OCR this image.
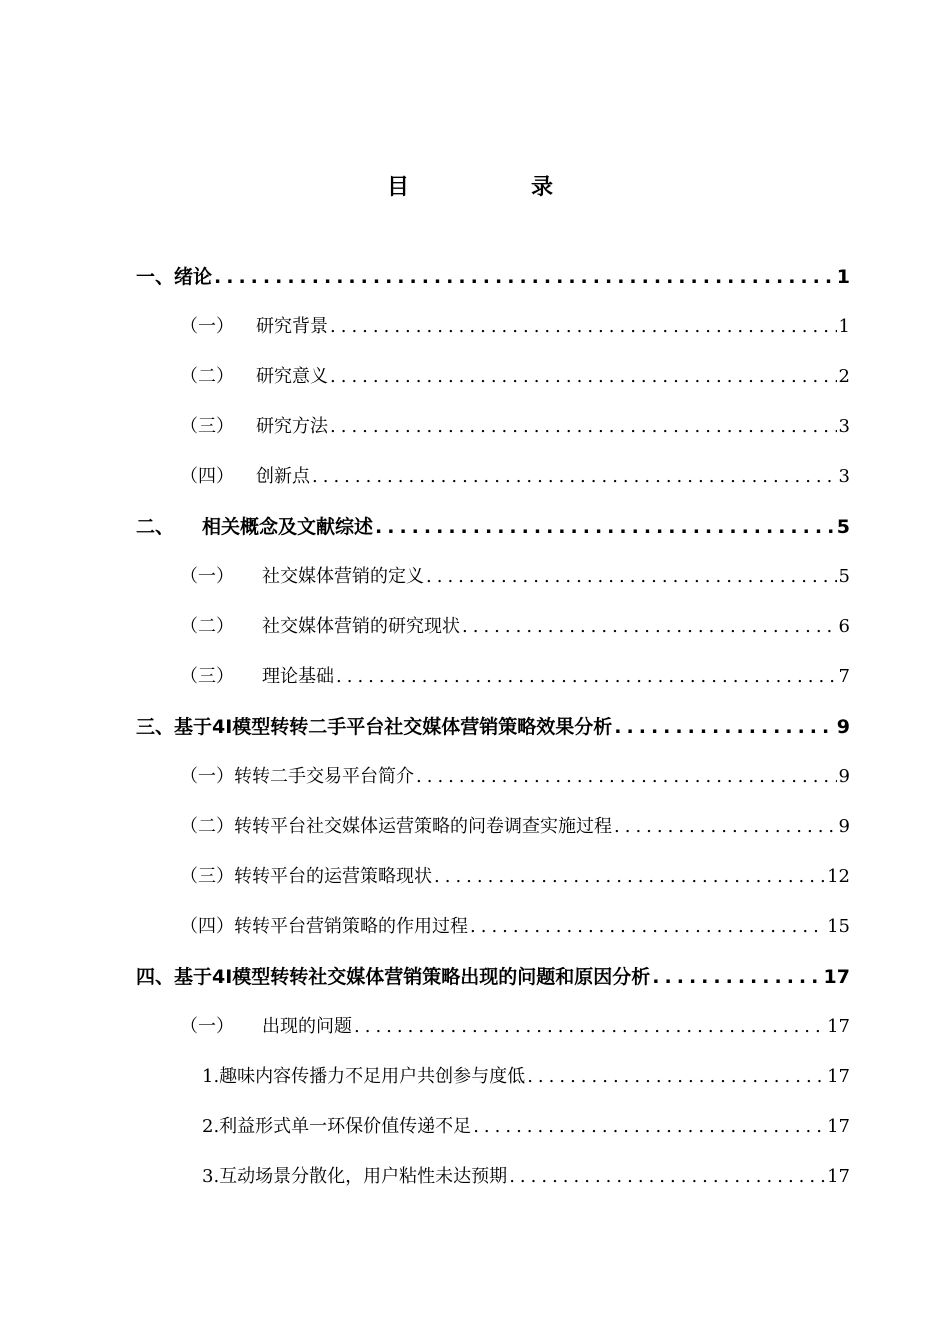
目　录
一、绪论 .....	1
（一） 研究背景 .....	1
（二） 研究意义 .....	2
（三） 研究方法 .....	3
（四） 创新点 .....	3
二、 相关概念及文献综述 .....	5
（一） 社交媒体营销的定义 .....	5
（二） 社交媒体营销的研究现状 .....	6
（三） 理论基础 .....	7
三、基于4I模型转转二手平台社交媒体营销策略效果分析 .....	9
（一）转转二手交易平台简介 .....	9
（二）转转平台社交媒体运营策略的问卷调查实施过程 .....	9
（三）转转平台的运营策略现状 .....	12
（四）转转平台营销策略的作用过程 .....	15
四、基于4I模型转转社交媒体营销策略出现的问题和原因分析 .....	17
（一） 出现的问题 .....	17
1.趣味内容传播力不足用户共创参与度低 .....	17
2.利益形式单一环保价值传递不足 .....	17
3.互动场景分散化，用户粘性未达预期 .....	17
